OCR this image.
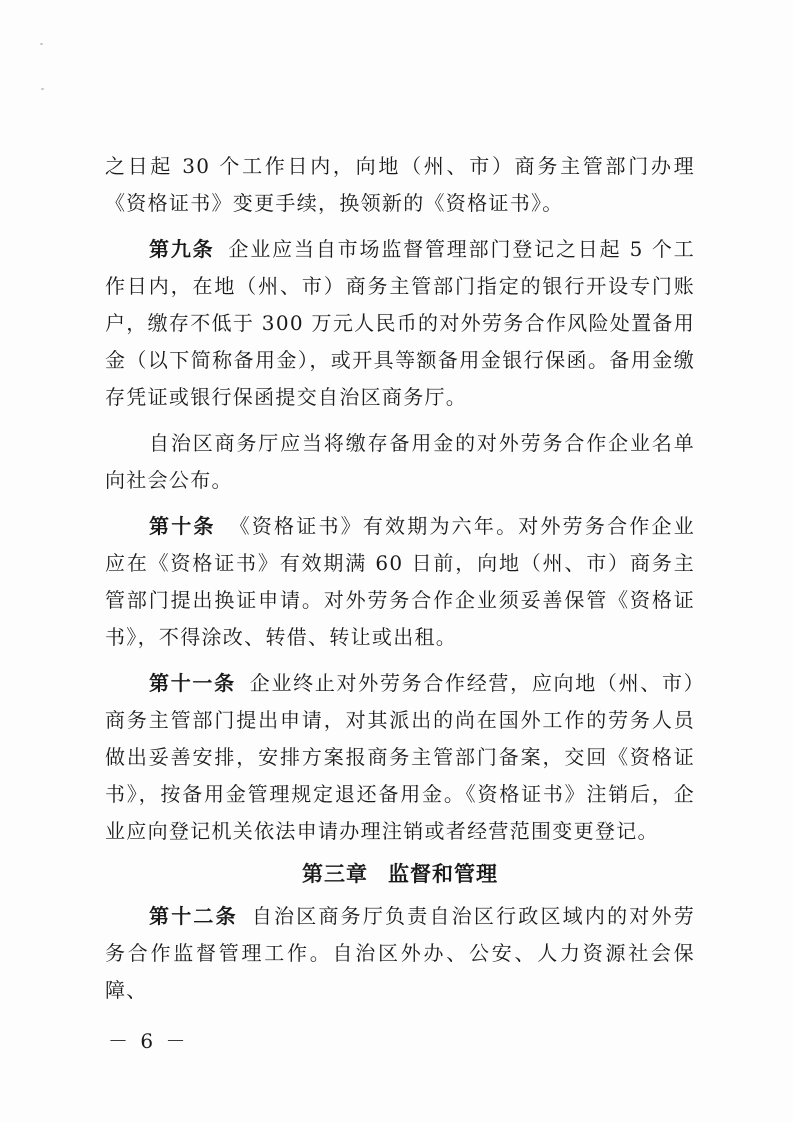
之日起 30 个工作日内，向地（州、市）商务主管部门办理《资格证书》变更手续，换领新的《资格证书》。

第九条 企业应当自市场监督管理部门登记之日起 5 个工作日内，在地（州、市）商务主管部门指定的银行开设专门账户，缴存不低于 300 万元人民币的对外劳务合作风险处置备用金（以下简称备用金），或开具等额备用金银行保函。备用金缴存凭证或银行保函提交自治区商务厅。

自治区商务厅应当将缴存备用金的对外劳务合作企业名单向社会公布。

第十条 《资格证书》有效期为六年。对外劳务合作企业应在《资格证书》有效期满 60 日前，向地（州、市）商务主管部门提出换证申请。对外劳务合作企业须妥善保管《资格证书》，不得涂改、转借、转让或出租。

第十一条 企业终止对外劳务合作经营，应向地（州、市）商务主管部门提出申请，对其派出的尚在国外工作的劳务人员做出妥善安排，安排方案报商务主管部门备案，交回《资格证书》，按备用金管理规定退还备用金。《资格证书》注销后，企业应向登记机关依法申请办理注销或者经营范围变更登记。

第三章 监督和管理

第十二条 自治区商务厅负责自治区行政区域内的对外劳务合作监督管理工作。自治区外办、公安、人力资源社会保障、

－ 6 －
